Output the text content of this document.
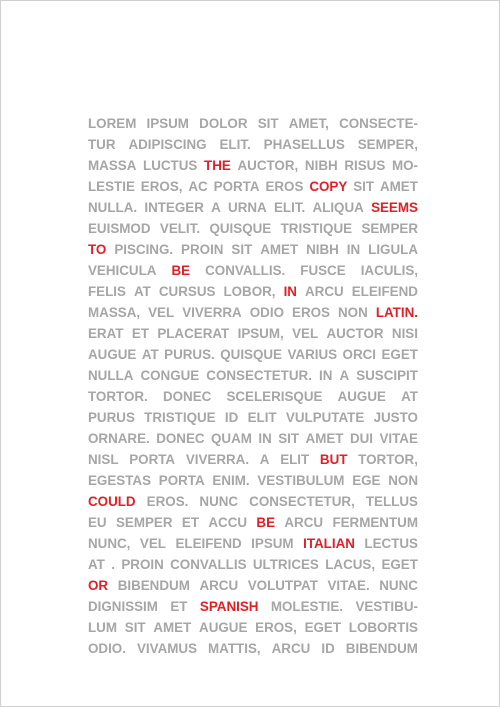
LOREM IPSUM DOLOR SIT AMET, CONSECTE-
TUR ADIPISCING ELIT. PHASELLUS SEMPER,
MASSA LUCTUS THE AUCTOR, NIBH RISUS MO-
LESTIE EROS, AC PORTA EROS COPY SIT AMET
NULLA. INTEGER A URNA ELIT. ALIQUA SEEMS
EUISMOD VELIT. QUISQUE TRISTIQUE SEMPER
TO PISCING. PROIN SIT AMET NIBH IN LIGULA
VEHICULA BE CONVALLIS. FUSCE IACULIS,
FELIS AT CURSUS LOBOR, IN ARCU ELEIFEND
MASSA, VEL VIVERRA ODIO EROS NON LATIN.
ERAT ET PLACERAT IPSUM, VEL AUCTOR NISI
AUGUE AT PURUS. QUISQUE VARIUS ORCI EGET
NULLA CONGUE CONSECTETUR. IN A SUSCIPIT
TORTOR. DONEC SCELERISQUE AUGUE AT
PURUS TRISTIQUE ID ELIT VULPUTATE JUSTO
ORNARE. DONEC QUAM IN SIT AMET DUI VITAE
NISL PORTA VIVERRA. A ELIT BUT TORTOR,
EGESTAS PORTA ENIM. VESTIBULUM EGE NON
COULD EROS. NUNC CONSECTETUR, TELLUS
EU SEMPER ET ACCU BE ARCU FERMENTUM
NUNC, VEL ELEIFEND IPSUM ITALIAN LECTUS
AT . PROIN CONVALLIS ULTRICES LACUS, EGET
OR BIBENDUM ARCU VOLUTPAT VITAE. NUNC
DIGNISSIM ET SPANISH MOLESTIE. VESTIBU-
LUM SIT AMET AUGUE EROS, EGET LOBORTIS
ODIO. VIVAMUS MATTIS, ARCU ID BIBENDUM
